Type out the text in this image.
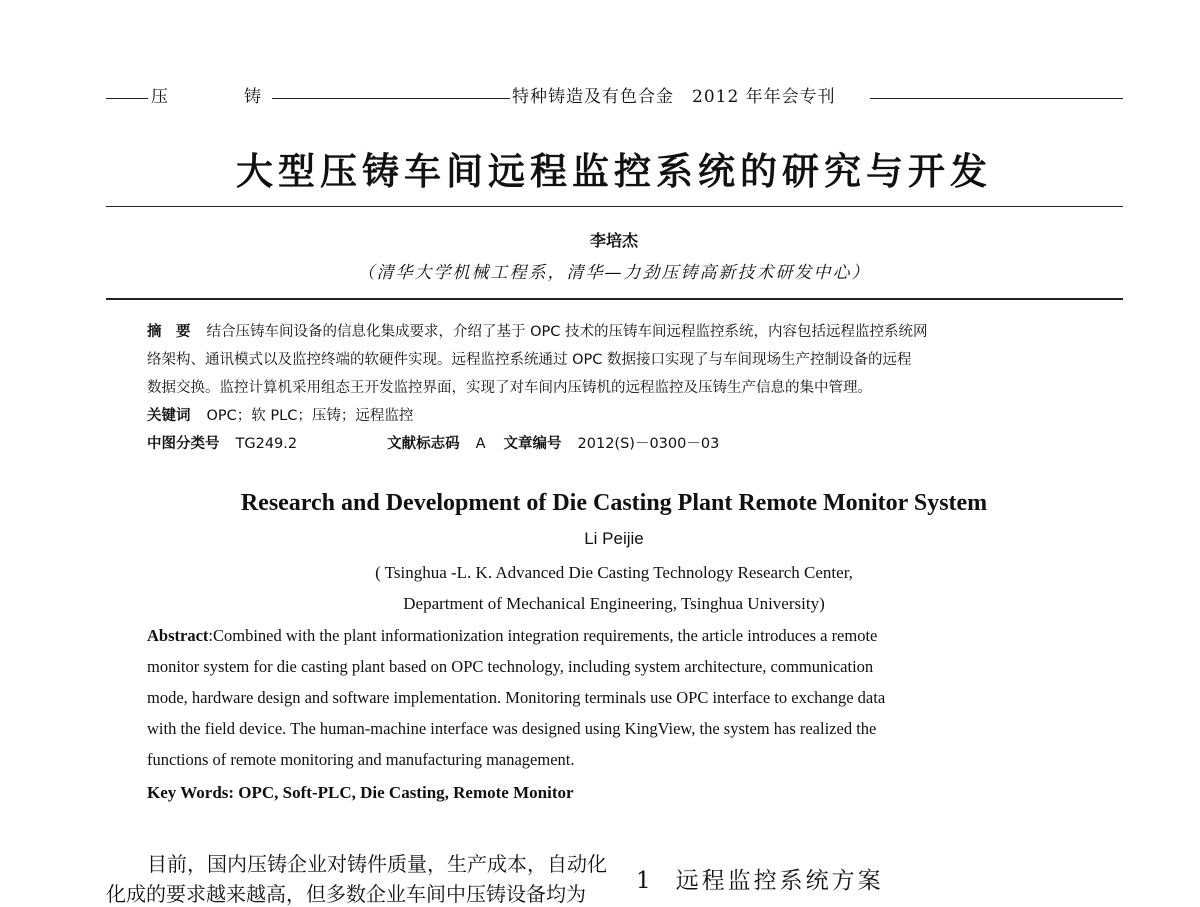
压	铸	特种铸造及有色合金　2012 年年会专刊
大型压铸车间远程监控系统的研究与开发
李培杰
（清华大学机械工程系，清华—力劲压铸高新技术研发中心）
摘　要 结合压铸车间设备的信息化集成要求，介绍了基于 OPC 技术的压铸车间远程监控系统，内容包括远程监控系统网
络架构、通讯模式以及监控终端的软硬件实现。远程监控系统通过 OPC 数据接口实现了与车间现场生产控制设备的远程
数据交换。监控计算机采用组态王开发监控界面，实现了对车间内压铸机的远程监控及压铸生产信息的集中管理。
关键词 OPC；软 PLC；压铸；远程监控
中图分类号 TG249.2	文献标志码 A 文章编号 2012(S)－0300－03
Research and Development of Die Casting Plant Remote Monitor System
Li Peijie
( Tsinghua -L. K. Advanced Die Casting Technology Research Center,
Department of Mechanical Engineering, Tsinghua University)
Abstract:Combined with the plant informationization integration requirements, the article introduces a remote
monitor system for die casting plant based on OPC technology, including system architecture, communication
mode, hardware design and software implementation. Monitoring terminals use OPC interface to exchange data
with the field device. The human-machine interface was designed using KingView, the system has realized the
functions of remote monitoring and manufacturing management.
Key Words: OPC, Soft-PLC, Die Casting, Remote Monitor
目前，国内压铸企业对铸件质量，生产成本，自动化
化成的要求越来越高，但多数企业车间中压铸设备均为 1 远程监控系统方案
